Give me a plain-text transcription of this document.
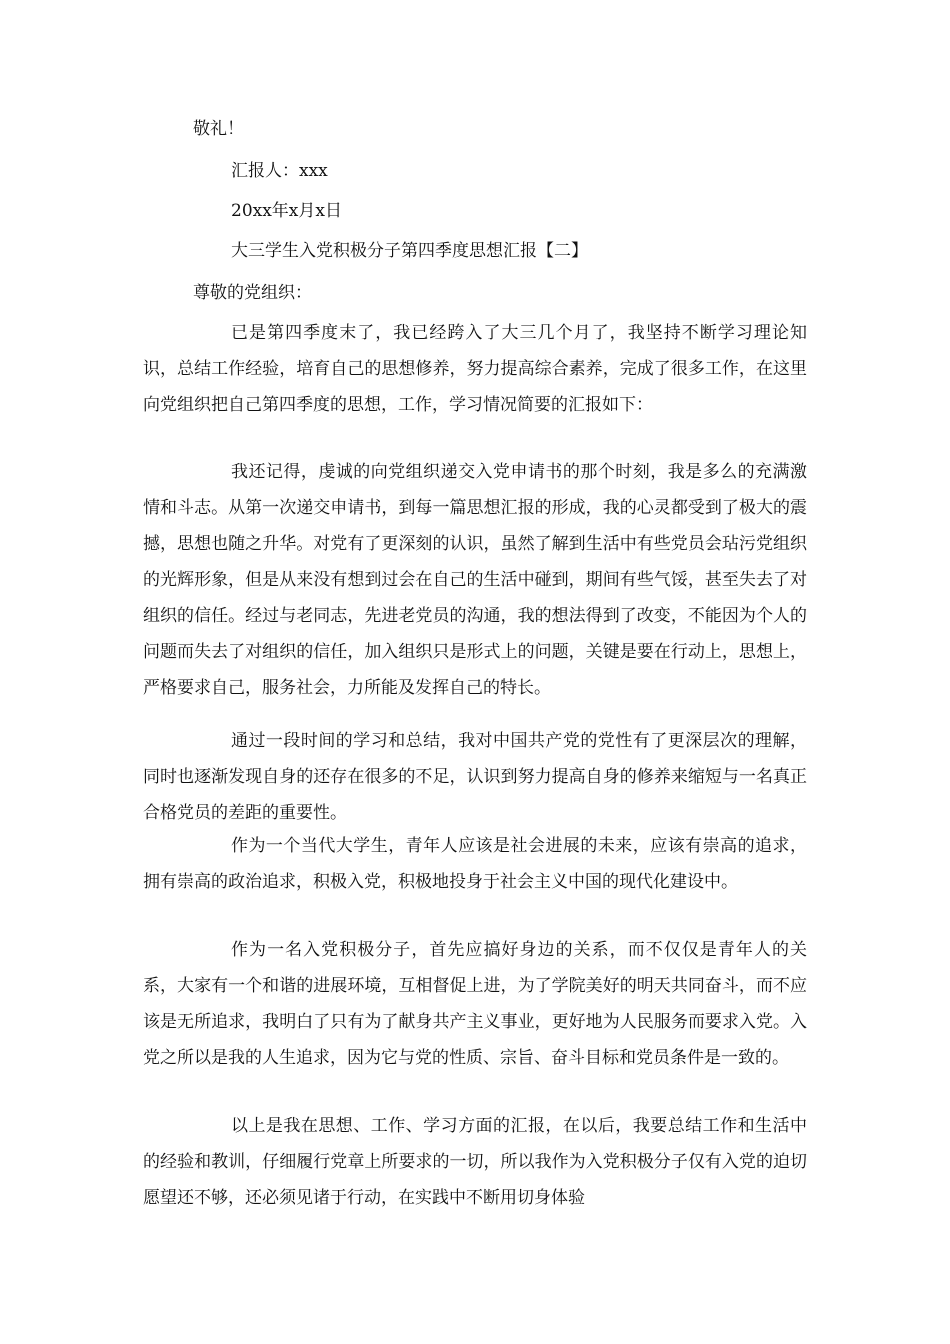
敬礼！
汇报人：xxx
20xx年x月x日
大三学生入党积极分子第四季度思想汇报【二】
尊敬的党组织：

已是第四季度末了，我已经跨入了大三几个月了，我坚持不断学习理论知识，总结工作经验，培育自己的思想修养，努力提高综合素养，完成了很多工作，在这里向党组织把自己第四季度的思想，工作，学习情况简要的汇报如下：

我还记得，虔诚的向党组织递交入党申请书的那个时刻，我是多么的充满激情和斗志。从第一次递交申请书，到每一篇思想汇报的形成，我的心灵都受到了极大的震撼，思想也随之升华。对党有了更深刻的认识，虽然了解到生活中有些党员会玷污党组织的光辉形象，但是从来没有想到过会在自己的生活中碰到，期间有些气馁，甚至失去了对组织的信任。经过与老同志，先进老党员的沟通，我的想法得到了改变，不能因为个人的问题而失去了对组织的信任，加入组织只是形式上的问题，关键是要在行动上，思想上，严格要求自己，服务社会，力所能及发挥自己的特长。

通过一段时间的学习和总结，我对中国共产党的党性有了更深层次的理解，同时也逐渐发现自身的还存在很多的不足，认识到努力提高自身的修养来缩短与一名真正合格党员的差距的重要性。

作为一个当代大学生，青年人应该是社会进展的未来，应该有崇高的追求，拥有崇高的政治追求，积极入党，积极地投身于社会主义中国的现代化建设中。

作为一名入党积极分子，首先应搞好身边的关系，而不仅仅是青年人的关系，大家有一个和谐的进展环境，互相督促上进，为了学院美好的明天共同奋斗，而不应该是无所追求，我明白了只有为了献身共产主义事业，更好地为人民服务而要求入党。入党之所以是我的人生追求，因为它与党的性质、宗旨、奋斗目标和党员条件是一致的。

以上是我在思想、工作、学习方面的汇报，在以后，我要总结工作和生活中的经验和教训，仔细履行党章上所要求的一切，所以我作为入党积极分子仅有入党的迫切愿望还不够，还必须见诸于行动，在实践中不断用切身体验
